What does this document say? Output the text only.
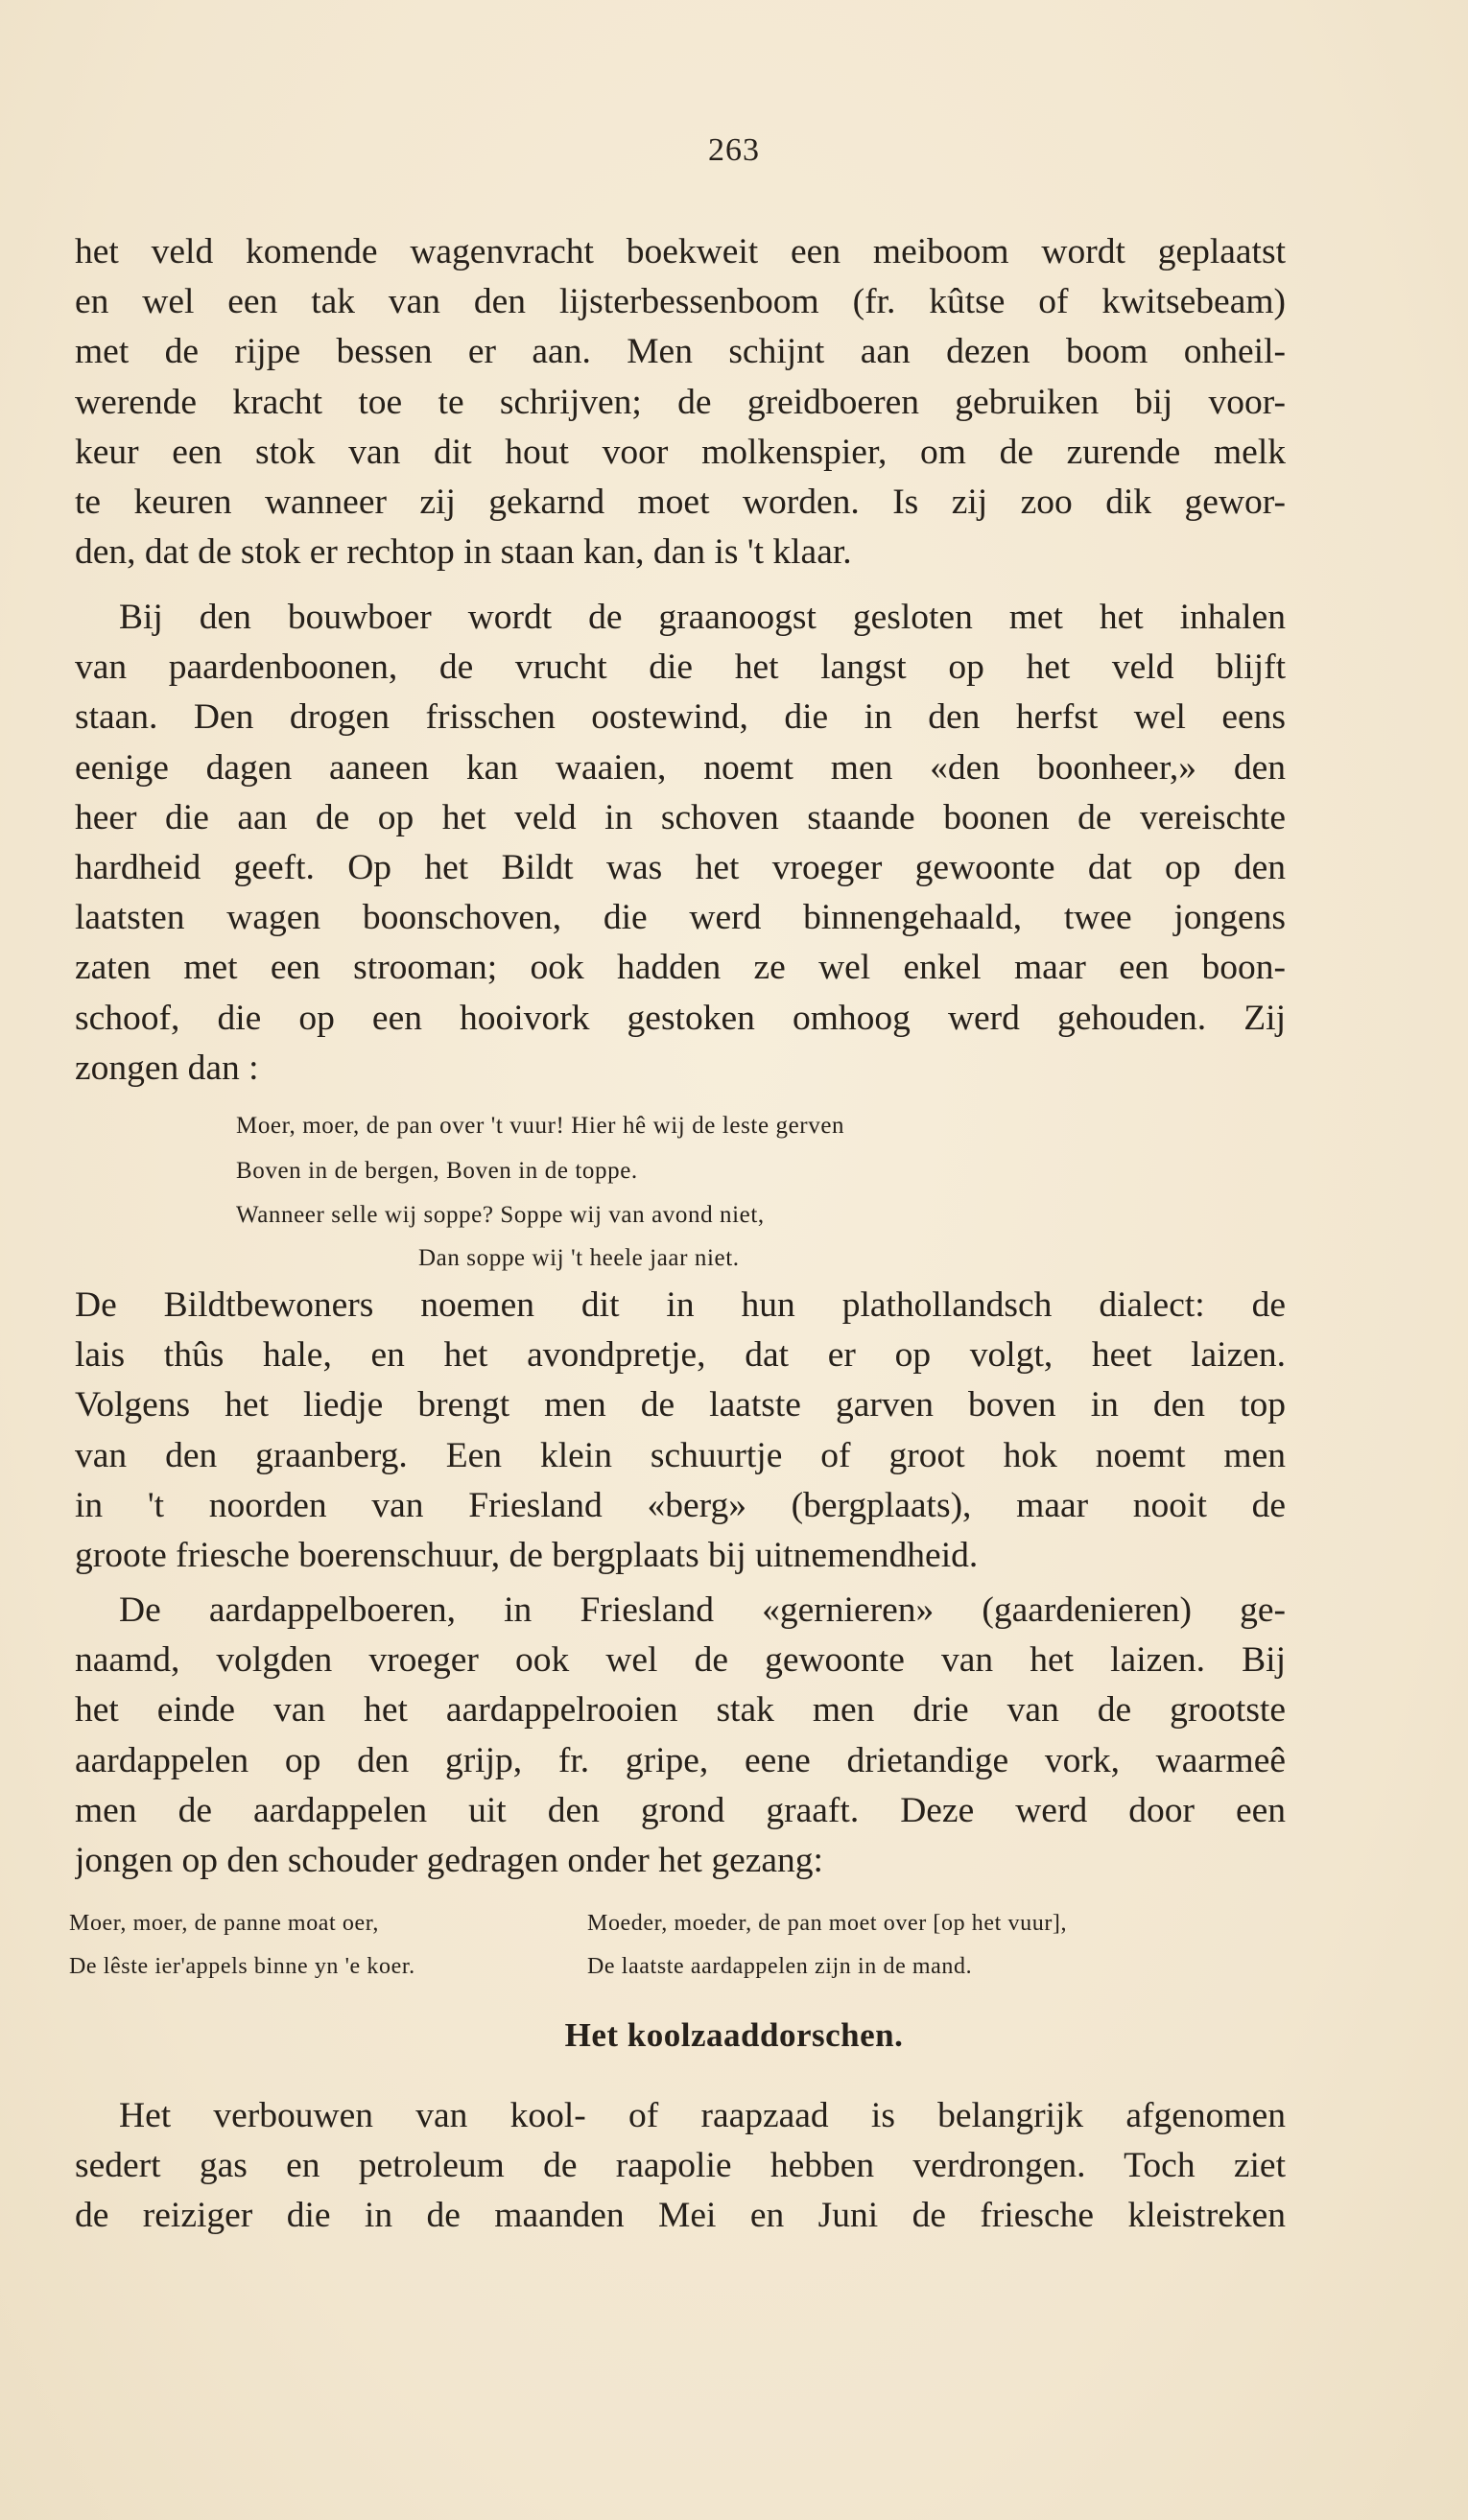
263
het veld komende wagenvracht boekweit een meiboom wordt geplaatst
en wel een tak van den lijsterbessenboom (fr. kûtse of kwitsebeam)
met de rijpe bessen er aan. Men schijnt aan dezen boom onheil-
werende kracht toe te schrijven; de greidboeren gebruiken bij voor-
keur een stok van dit hout voor molkenspier, om de zurende melk
te keuren wanneer zij gekarnd moet worden. Is zij zoo dik gewor-
den, dat de stok er rechtop in staan kan, dan is 't klaar.
Bij den bouwboer wordt de graanoogst gesloten met het inhalen
van paardenboonen, de vrucht die het langst op het veld blijft
staan. Den drogen frisschen oostewind, die in den herfst wel eens
eenige dagen aaneen kan waaien, noemt men «den boonheer,» den
heer die aan de op het veld in schoven staande boonen de vereischte
hardheid geeft. Op het Bildt was het vroeger gewoonte dat op den
laatsten wagen boonschoven, die werd binnengehaald, twee jongens
zaten met een strooman; ook hadden ze wel enkel maar een boon-
schoof, die op een hooivork gestoken omhoog werd gehouden. Zij
zongen dan :
Moer, moer, de pan over 't vuur! Hier hê wij de leste gerven
Boven in de bergen, Boven in de toppe.
Wanneer selle wij soppe? Soppe wij van avond niet,
Dan soppe wij 't heele jaar niet.
De Bildtbewoners noemen dit in hun plathollandsch dialect: de
lais thûs hale, en het avondpretje, dat er op volgt, heet laizen.
Volgens het liedje brengt men de laatste garven boven in den top
van den graanberg. Een klein schuurtje of groot hok noemt men
in 't noorden van Friesland «berg» (bergplaats), maar nooit de
groote friesche boerenschuur, de bergplaats bij uitnemendheid.
De aardappelboeren, in Friesland «gernieren» (gaardenieren) ge-
naamd, volgden vroeger ook wel de gewoonte van het laizen. Bij
het einde van het aardappelrooien stak men drie van de grootste
aardappelen op den grijp, fr. gripe, eene drietandige vork, waarmeê
men de aardappelen uit den grond graaft. Deze werd door een
jongen op den schouder gedragen onder het gezang:
Moer, moer, de panne moat oer,
De lêste ier'appels binne yn 'e koer.
Moeder, moeder, de pan moet over [op het vuur],
De laatste aardappelen zijn in de mand.
Het koolzaaddorschen.
Het verbouwen van kool- of raapzaad is belangrijk afgenomen
sedert gas en petroleum de raapolie hebben verdrongen. Toch ziet
de reiziger die in de maanden Mei en Juni de friesche kleistreken
